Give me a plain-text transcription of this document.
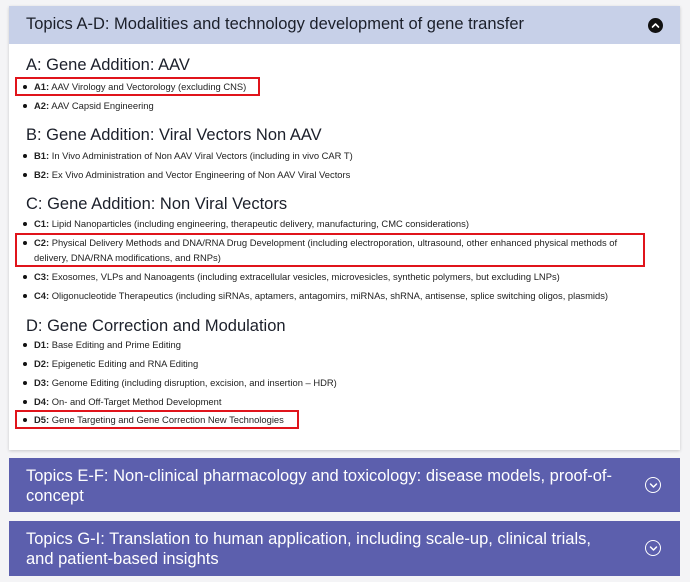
Topics A-D: Modalities and technology development of gene transfer
A: Gene Addition: AAV
A1: AAV Virology and Vectorology (excluding CNS)
A2: AAV Capsid Engineering
B: Gene Addition: Viral Vectors Non AAV
B1: In Vivo Administration of Non AAV Viral Vectors (including in vivo CAR T)
B2: Ex Vivo Administration and Vector Engineering of Non AAV Viral Vectors
C: Gene Addition: Non Viral Vectors
C1: Lipid Nanoparticles (including engineering, therapeutic delivery, manufacturing, CMC considerations)
C2: Physical Delivery Methods and DNA/RNA Drug Development (including electroporation, ultrasound, other enhanced physical methods of delivery, DNA/RNA modifications, and RNPs)
C3: Exosomes, VLPs and Nanoagents (including extracellular vesicles, microvesicles, synthetic polymers, but excluding LNPs)
C4: Oligonucleotide Therapeutics (including siRNAs, aptamers, antagomirs, miRNAs, shRNA, antisense, splice switching oligos, plasmids)
D: Gene Correction and Modulation
D1: Base Editing and Prime Editing
D2: Epigenetic Editing and RNA Editing
D3: Genome Editing (including disruption, excision, and insertion – HDR)
D4: On- and Off-Target Method Development
D5: Gene Targeting and Gene Correction New Technologies
Topics E-F: Non-clinical pharmacology and toxicology: disease models, proof-of-concept
Topics G-I: Translation to human application, including scale-up, clinical trials, and patient-based insights
